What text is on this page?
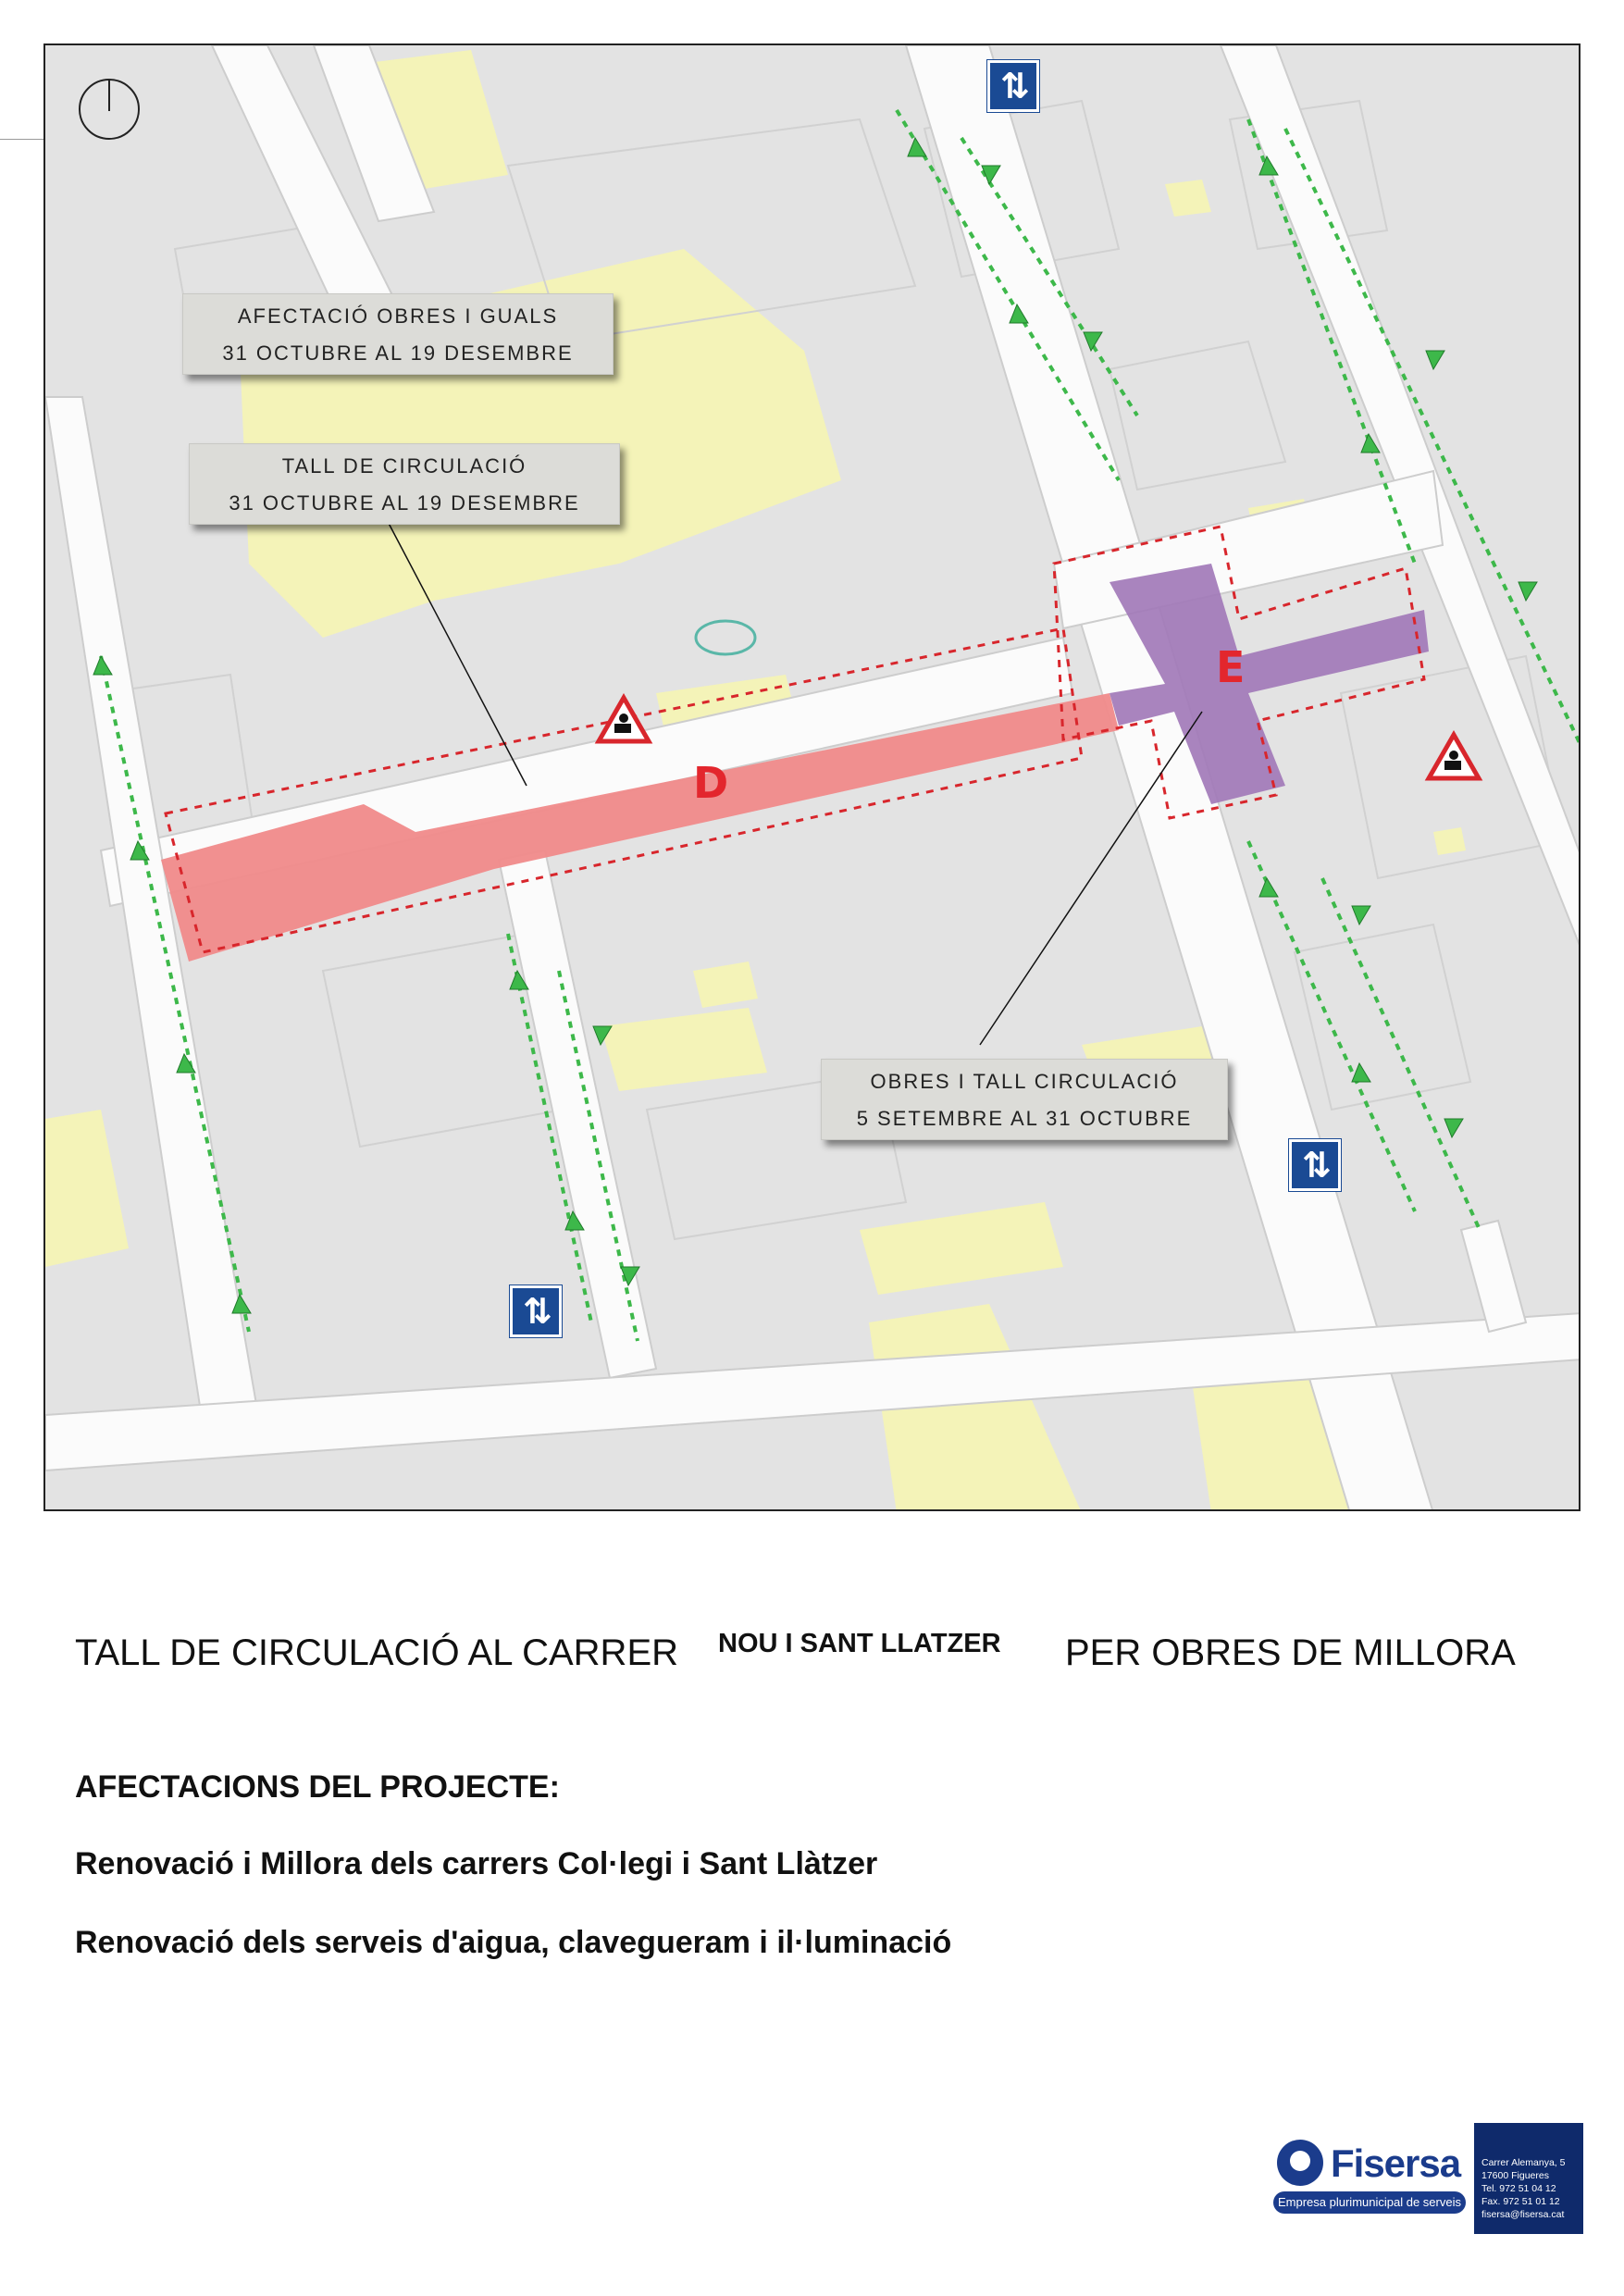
AFECTACIÓ OBRES I GUALS
31 OCTUBRE AL 19 DESEMBRE
TALL DE CIRCULACIÓ
31 OCTUBRE AL 19 DESEMBRE
OBRES I TALL CIRCULACIÓ
5 SETEMBRE AL 31 OCTUBRE
D
E
⇅
⇅
⇅
TALL DE CIRCULACIÓ AL CARRER NOU I SANT LLATZER PER OBRES DE MILLORA
AFECTACIONS DEL PROJECTE:
Renovació i Millora dels carrers Col·legi i Sant Llàtzer
Renovació dels serveis d'aigua, clavegueram i il·luminació
Fisersa
Empresa plurimunicipal de serveis
Carrer Alemanya, 5
17600 Figueres
Tel. 972 51 04 12
Fax. 972 51 01 12
fisersa@fisersa.cat
